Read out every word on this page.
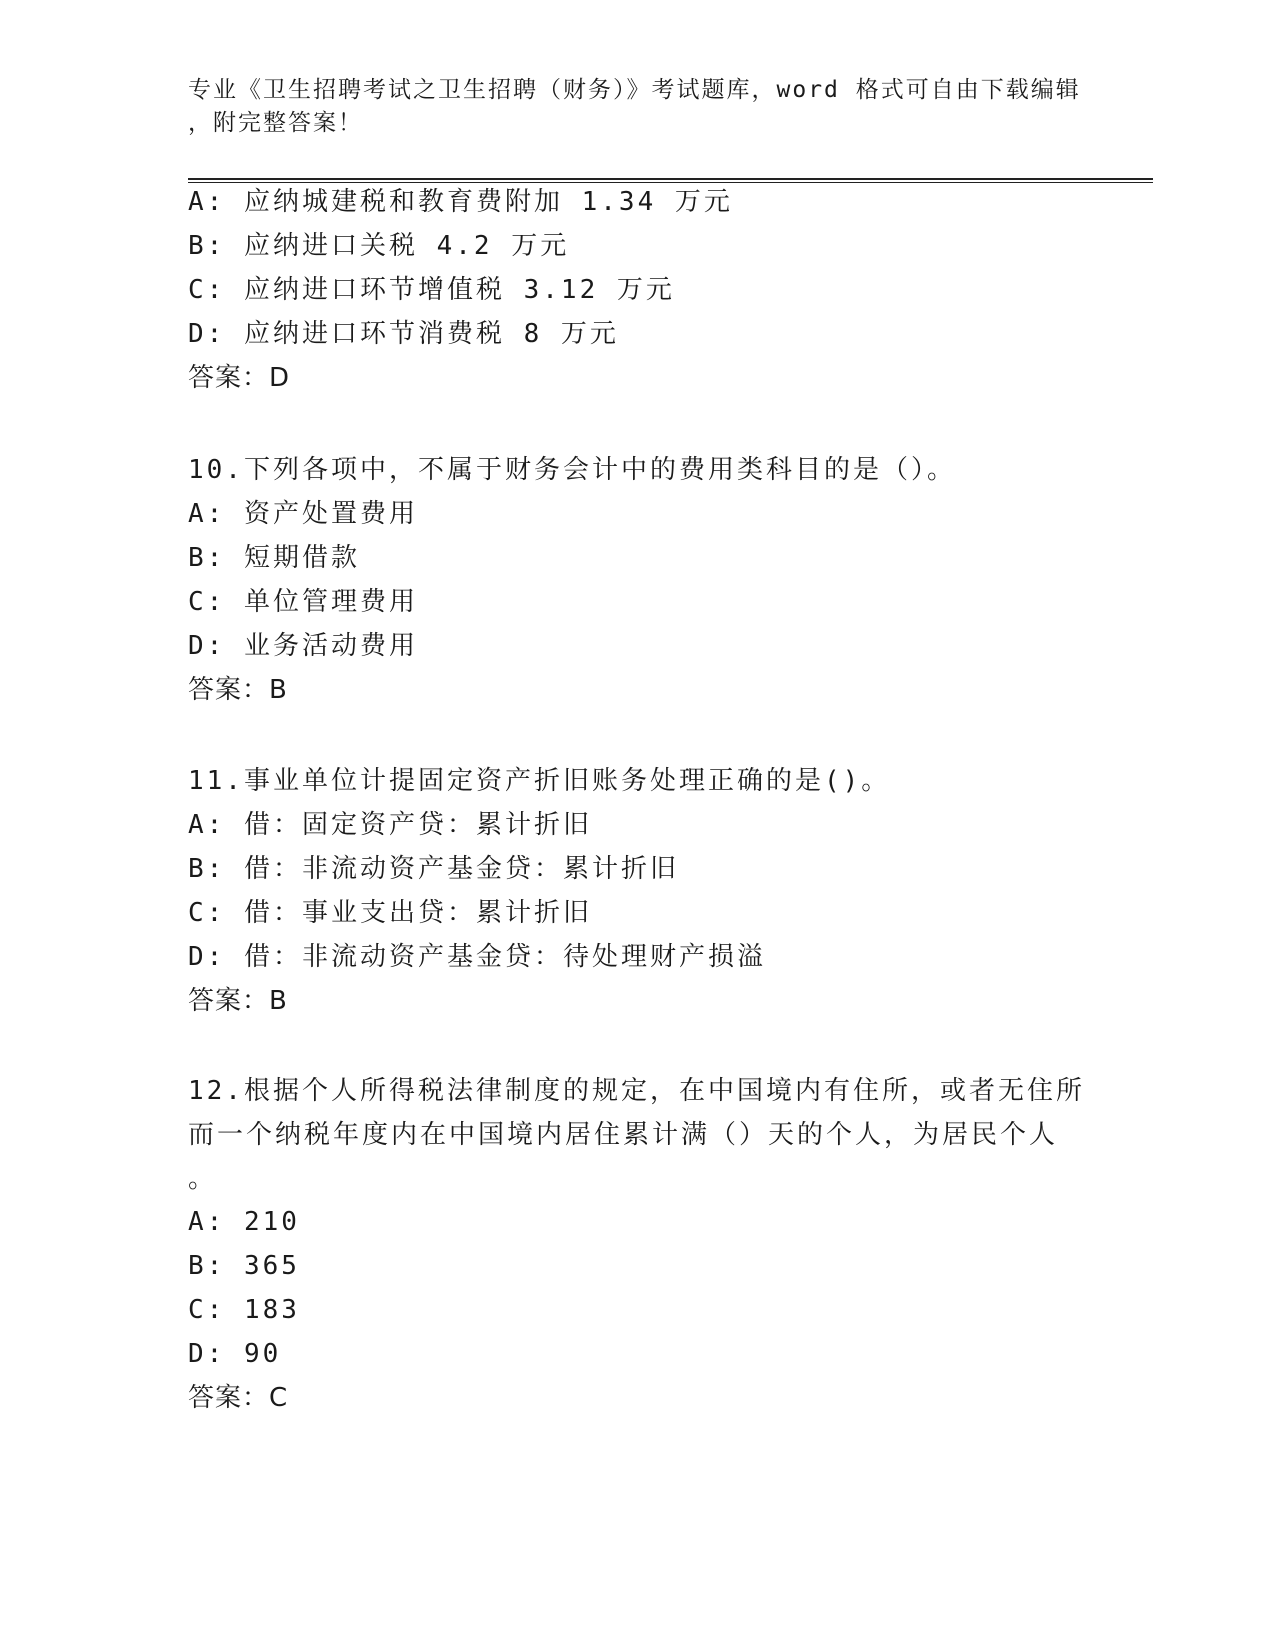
专业《卫生招聘考试之卫生招聘（财务）》考试题库，word 格式可自由下载编辑
，附完整答案！
A: 应纳城建税和教育费附加 1.34 万元
B: 应纳进口关税 4.2 万元
C: 应纳进口环节增值税 3.12 万元
D: 应纳进口环节消费税 8 万元
答案：D
10.下列各项中，不属于财务会计中的费用类科目的是（）。
A: 资产处置费用
B: 短期借款
C: 单位管理费用
D: 业务活动费用
答案：B
11.事业单位计提固定资产折旧账务处理正确的是()。
A: 借：固定资产贷：累计折旧
B: 借：非流动资产基金贷：累计折旧
C: 借：事业支出贷：累计折旧
D: 借：非流动资产基金贷：待处理财产损溢
答案：B
12.根据个人所得税法律制度的规定，在中国境内有住所，或者无住所
而一个纳税年度内在中国境内居住累计满（）天的个人，为居民个人
。
A: 210
B: 365
C: 183
D: 90
答案：C
